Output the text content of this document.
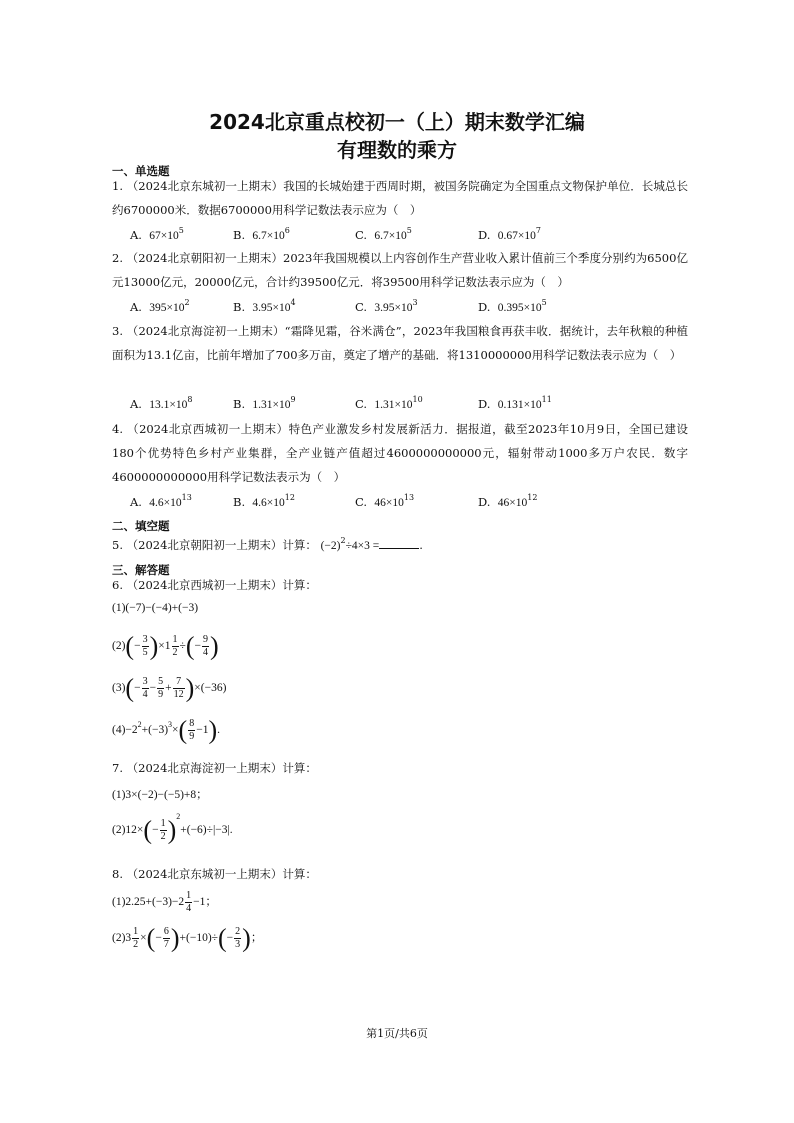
2024北京重点校初一（上）期末数学汇编
有理数的乘方
一、单选题

1. （2024北京东城初一上期末）我国的长城始建于西周时期，被国务院确定为全国重点文物保护单位．长城总长约6700000米．数据6700000用科学记数法表示应为（　）

A. $67\times 10^5$	B. $6.7\times 10^6$	C. $6.7\times 10^5$	D. $0.67\times 10^7$

2. （2024北京朝阳初一上期末）2023年我国规模以上内容创作生产营业收入累计值前三个季度分别约为6500亿元13000亿元，20000亿元，合计约39500亿元．将39500用科学记数法表示应为（　）

A. $395\times 10^2$	B. $3.95\times 10^4$	C. $3.95\times 10^3$	D. $0.395\times 10^5$

3. （2024北京海淀初一上期末）“霜降见霜，谷米满仓”，2023年我国粮食再获丰收．据统计，去年秋粮的种植面积为13.1亿亩，比前年增加了700多万亩，奠定了增产的基础．将1310000000用科学记数法表示应为（　）

A. $13.1\times 10^8$	B. $1.31\times 10^9$	C. $1.31\times 10^{10}$	D. $0.131\times 10^{11}$

4. （2024北京西城初一上期末）特色产业激发乡村发展新活力．据报道，截至2023年10月9日，全国已建设180个优势特色乡村产业集群，全产业链产值超过4600000000000元，辐射带动1000多万户农民．数字4600000000000用科学记数法表示为（　）

A. $4.6\times 10^{13}$	B. $4.6\times 10^{12}$	C. $46\times 10^{13}$	D. $46\times 10^{12}$
二、填空题
5. （2024北京朝阳初一上期末）计算： $(-2)^2\div 4\times 3$ =	.
三、解答题
6. （2024北京西城初一上期末）计算：
(1)(−7)−(−4)+(−3)
$(2)(- \frac{3}{5} )\times 1 \frac{1}{2}$ ÷(− $\frac{9}{4}$ )
$(3)(- \frac{3}{4} - \frac{5}{9} + \frac{7}{12} )\times(-36)$
$(4)-2^2+(-3)^3\times( \frac{8}{9} -1)$.
7. （2024北京海淀初一上期末）计算：
(1)3×(−2)−(−5)+8；
$(2)12\times(- \frac{1}{2} )^2+(-6)\div|-3|$.
8. （2024北京东城初一上期末）计算：
$(1)2.25+(-3)-2 \frac{1}{4} -1$；
$(2)3 \frac{1}{2}$ ×(− $\frac{6}{7} )+(-10)\div(- \frac{2}{3}$ )；
第1页/共6页
